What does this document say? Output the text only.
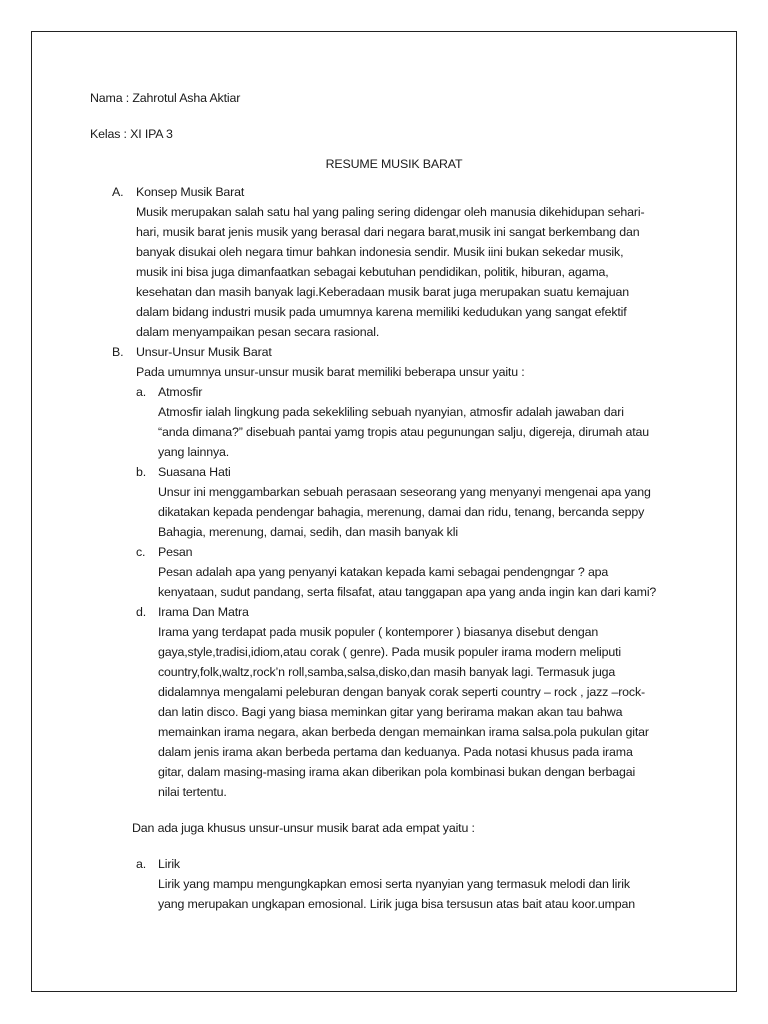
Nama : Zahrotul Asha Aktiar

Kelas : XI IPA 3

RESUME MUSIK BARAT
A. Konsep Musik Barat
Musik merupakan salah satu hal yang paling sering didengar oleh manusia dikehidupan sehari-
hari, musik barat jenis musik yang berasal dari negara barat,musik ini sangat berkembang dan
banyak disukai oleh negara timur bahkan indonesia sendir. Musik iini bukan sekedar musik,
musik ini bisa juga dimanfaatkan sebagai kebutuhan pendidikan, politik, hiburan, agama,
kesehatan dan masih banyak lagi.Keberadaan musik barat juga merupakan suatu kemajuan
dalam bidang industri musik pada umumnya karena memiliki kedudukan yang sangat efektif
dalam menyampaikan pesan secara rasional.
B. Unsur-Unsur Musik Barat
Pada umumnya unsur-unsur musik barat memiliki beberapa unsur yaitu :
a. Atmosfir
Atmosfir ialah lingkung pada sekekliling sebuah nyanyian, atmosfir adalah jawaban dari
“anda dimana?” disebuah pantai yamg tropis atau pegunungan salju, digereja, dirumah atau
yang lainnya.
b. Suasana Hati
Unsur ini menggambarkan sebuah perasaan seseorang yang menyanyi mengenai apa yang
dikatakan kepada pendengar bahagia, merenung, damai dan ridu, tenang, bercanda seppy
Bahagia, merenung, damai, sedih, dan masih banyak kli
c. Pesan
Pesan adalah apa yang penyanyi katakan kepada kami sebagai pendengngar ? apa
kenyataan, sudut pandang, serta filsafat, atau tanggapan apa yang anda ingin kan dari kami?
d. Irama Dan Matra
Irama yang terdapat pada musik populer ( kontemporer ) biasanya disebut dengan
gaya,style,tradisi,idiom,atau corak ( genre). Pada musik populer irama modern meliputi
country,folk,waltz,rock’n roll,samba,salsa,disko,dan masih banyak lagi. Termasuk juga
didalamnya mengalami peleburan dengan banyak corak seperti country – rock , jazz –rock-
dan latin disco. Bagi yang biasa meminkan gitar yang berirama makan akan tau bahwa
memainkan irama negara, akan berbeda dengan memainkan irama salsa.pola pukulan gitar
dalam jenis irama akan berbeda pertama dan keduanya. Pada notasi khusus pada irama
gitar, dalam masing-masing irama akan diberikan pola kombinasi bukan dengan berbagai
nilai tertentu.
Dan ada juga khusus unsur-unsur musik barat ada empat yaitu :
a. Lirik
Lirik yang mampu mengungkapkan emosi serta nyanyian yang termasuk melodi dan lirik
yang merupakan ungkapan emosional. Lirik juga bisa tersusun atas bait atau koor.umpan
